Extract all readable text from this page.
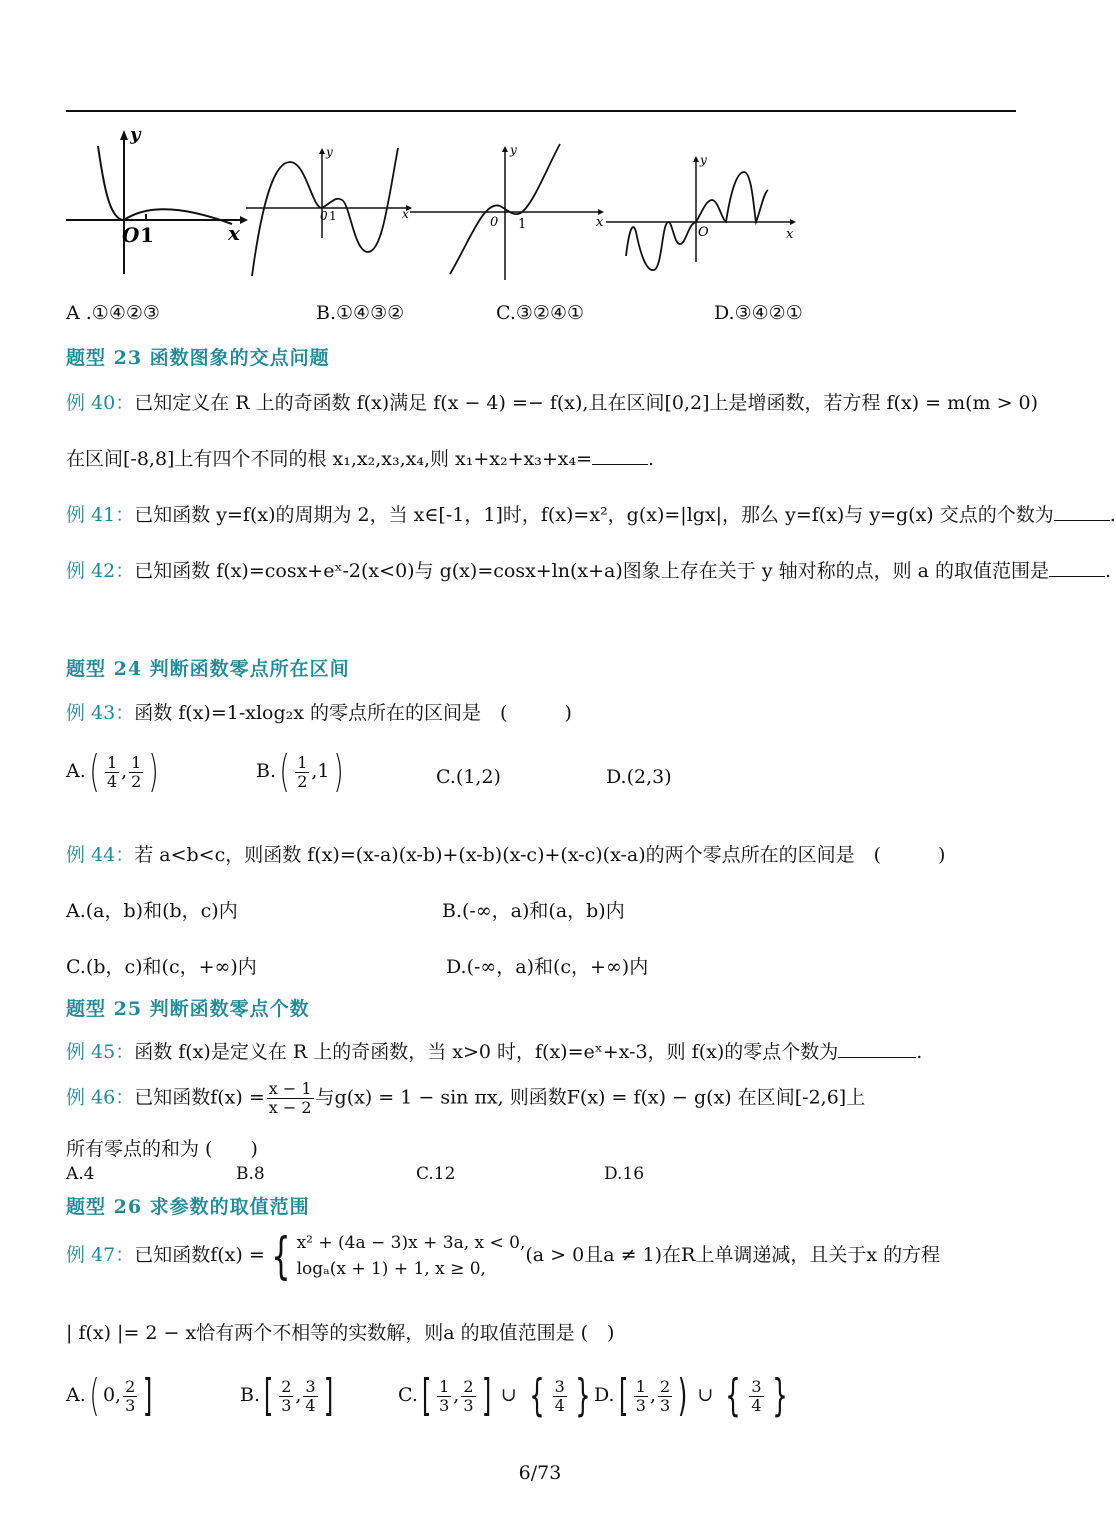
y
O 1	x
y
0 1	x
y
0 1	x
y
O	x
A .①④②③	B.①④③②	C.③②④①	D.③④②①
题型 23 函数图象的交点问题
例 40：已知定义在 R 上的奇函数 f(x)满足 f(x − 4) =− f(x),且在区间[0,2]上是增函数，若方程 f(x) = m(m > 0)
在区间[-8,8]上有四个不同的根 x₁,x₂,x₃,x₄,则 x₁+x₂+x₃+x₄=	.
例 41：已知函数 y=f(x)的周期为 2，当 x∈[-1，1]时，f(x)=x²，g(x)=|lgx|，那么 y=f(x)与 y=g(x) 交点的个数为	.
例 42：已知函数 f(x)=cosx+eˣ-2(x<0)与 g(x)=cosx+ln(x+a)图象上存在关于 y 轴对称的点，则 a 的取值范围是	.
题型 24 判断函数零点所在区间
例 43：函数 f(x)=1-xlog₂x 的零点所在的区间是　(　　　)
$A.( \frac{1}{4}$ , $\frac{1}{2}$ )	$B.( \frac{1}{2} ,1)$	C.(1,2)	D.(2,3)
例 44：若 a<b<c，则函数 f(x)=(x-a)(x-b)+(x-b)(x-c)+(x-c)(x-a)的两个零点所在的区间是　(　　　)
A.(a，b)和(b，c)内	B.(-∞，a)和(a，b)内
C.(b，c)和(c，+∞)内	D.(-∞，a)和(c，+∞)内
题型 25 判断函数零点个数
例 45：函数 f(x)是定义在 R 上的奇函数，当 x>0 时，f(x)=eˣ+x-3，则 f(x)的零点个数为	.
例 46：已知函数$f(x) = \frac{x - 1}{x - 2}$ 与g(x) = 1 − sin πx, 则函数F(x) = f(x) − g(x) 在区间[-2,6]上
所有零点的和为 (　　)
A.4	B.8	C.12	D.16
题型 26 求参数的取值范围
例 47：已知函数f(x) = { x² + (4a − 3)x + 3a, x < 0,
logₐ(x + 1) + 1, x ≥ 0,
(a > 0且a ≠ 1)在R上单调递减，且关于x 的方程
| f(x) |= 2 − x恰有两个不相等的实数解，则a 的取值范围是 (　)
A.( 0, $\frac{2}{3}$ ]	$B.[ \frac{2}{3}$ , $\frac{3}{4}$ ]	$C.[ \frac{1}{3}$ , $\frac{2}{3}$ ] ∪ { $\frac{3}{4}$ } $D.[ \frac{1}{3}$ , $\frac{2}{3}$ ) ∪ { $\frac{3}{4}$ }
6/73
